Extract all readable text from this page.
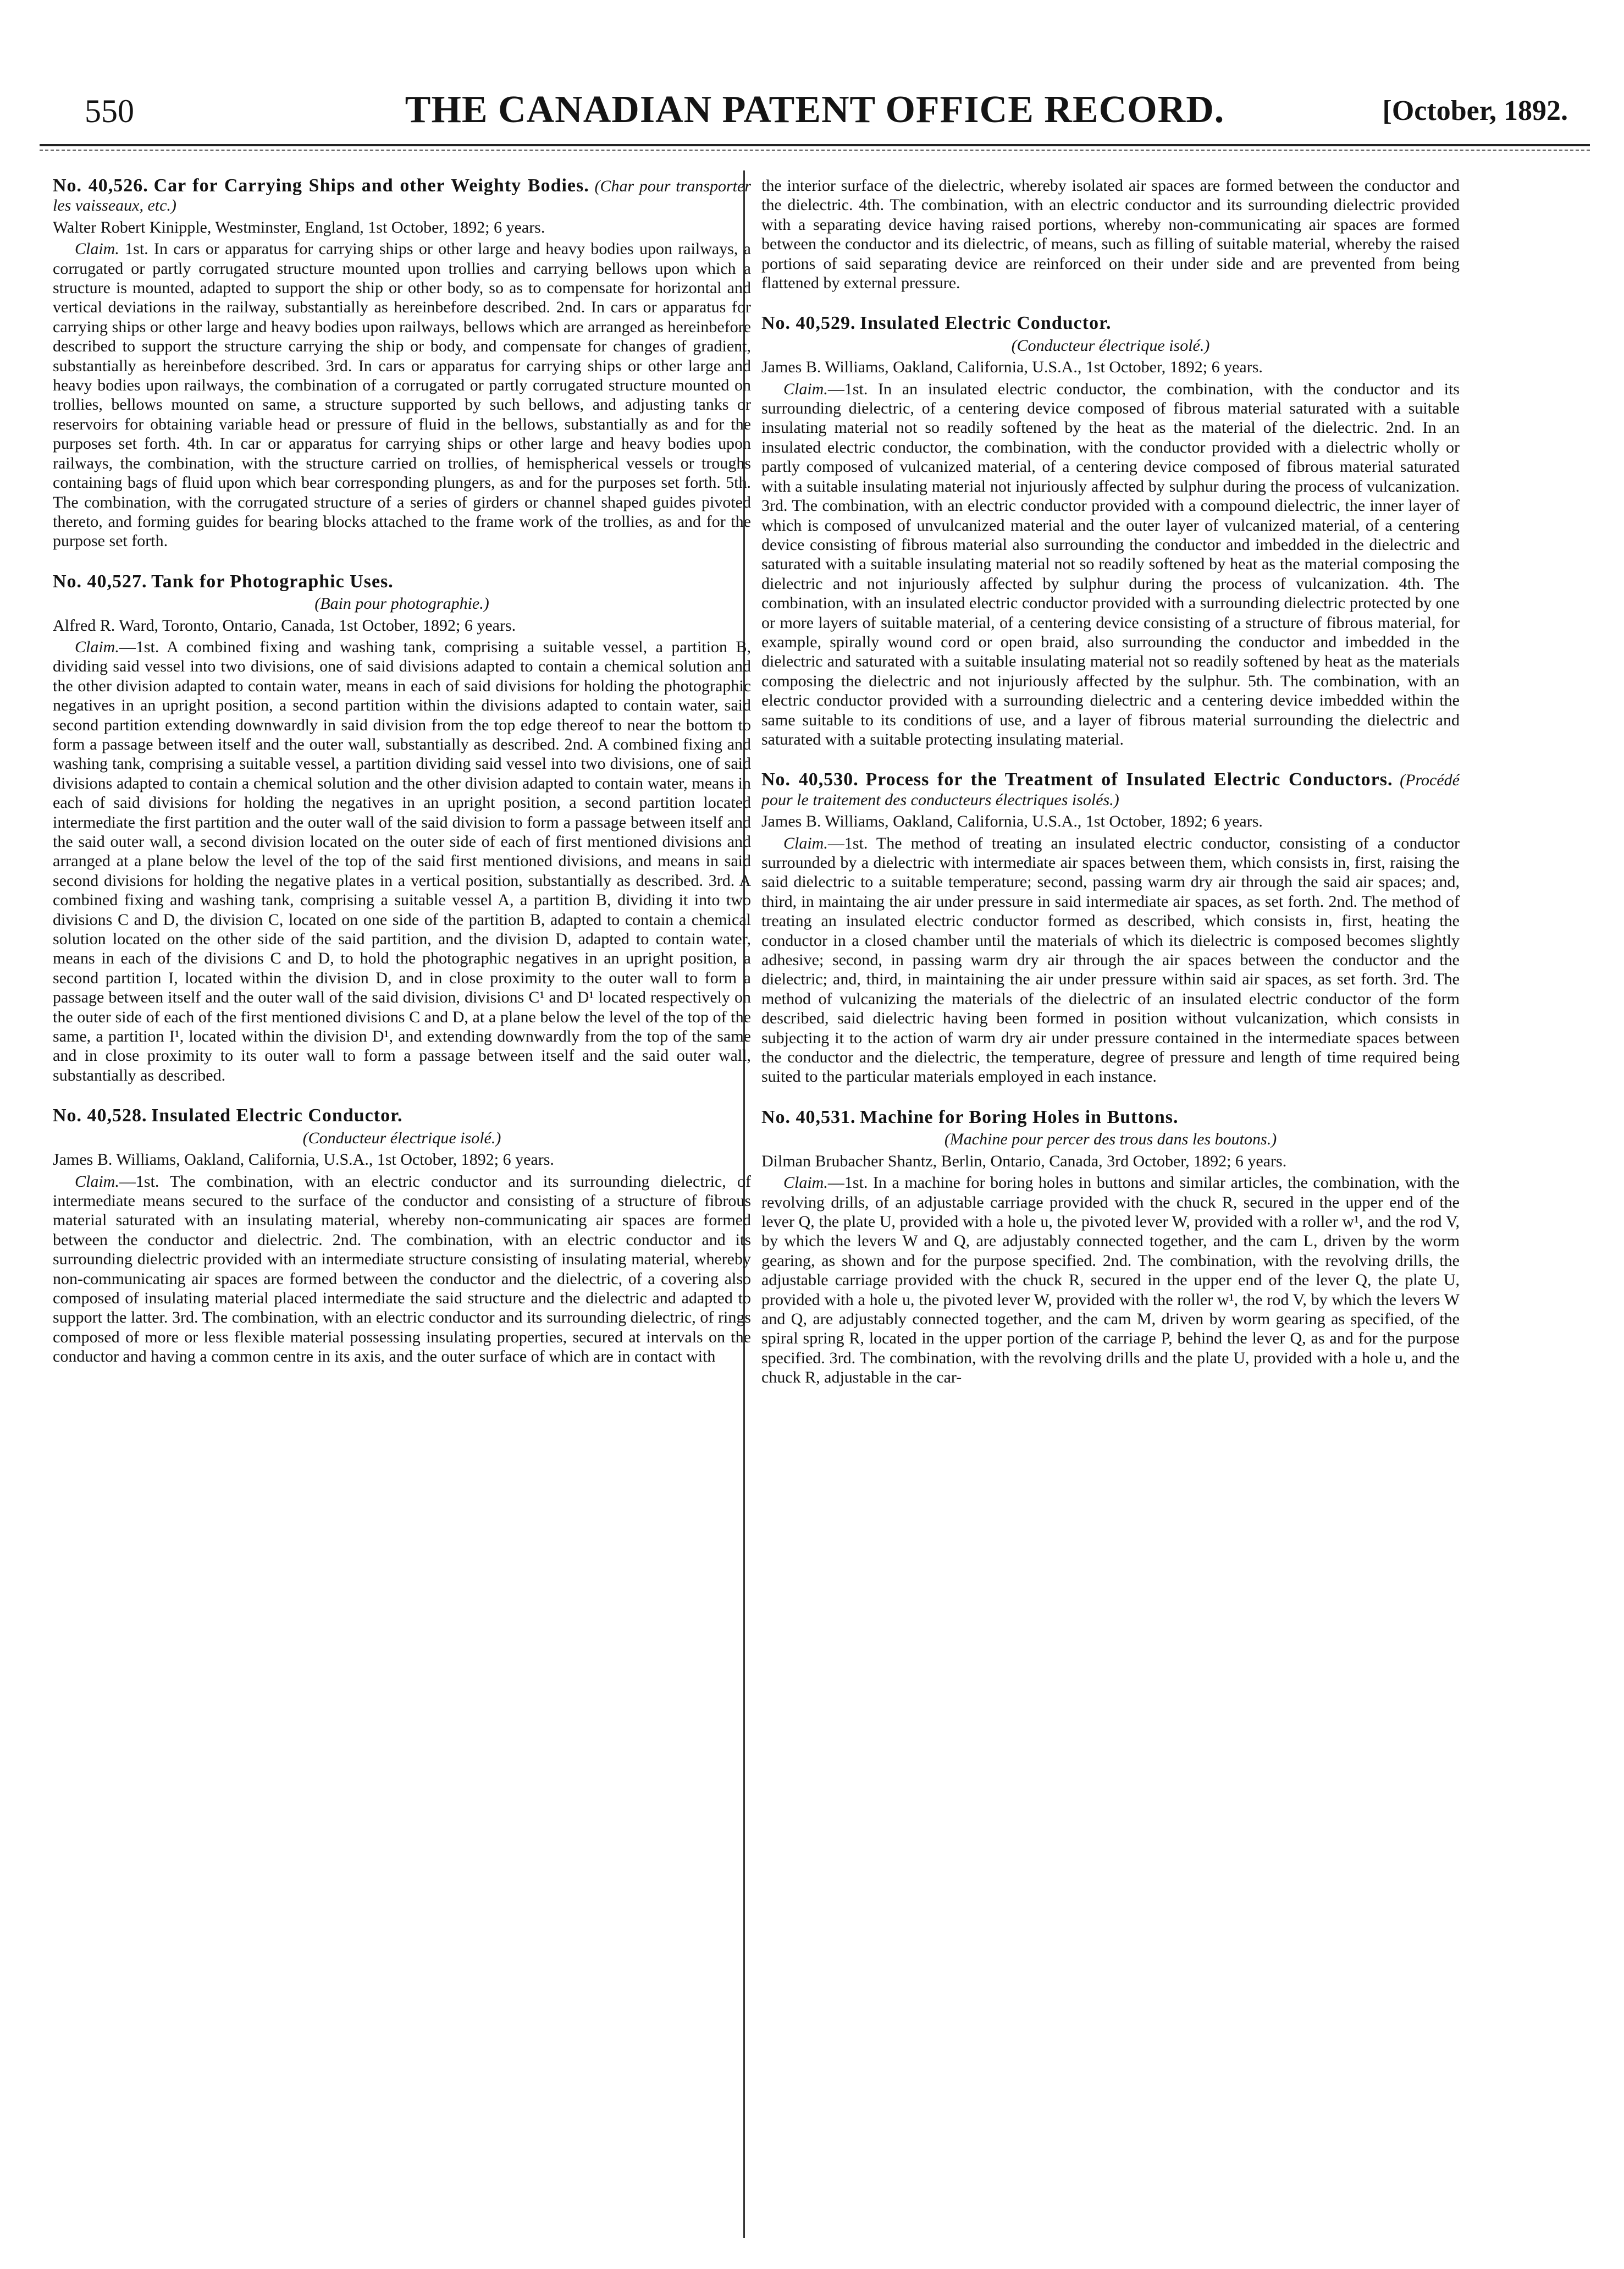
550	THE CANADIAN PATENT OFFICE RECORD.	[October, 1892.

No. 40,526. Car for Carrying Ships and other Weighty Bodies. (Char pour transporter les vaisseaux, etc.)

Walter Robert Kinipple, Westminster, England, 1st October, 1892; 6 years.

Claim. 1st. In cars or apparatus for carrying ships or other large and heavy bodies upon railways, a corrugated or partly corrugated structure mounted upon trollies and carrying bellows upon which a structure is mounted, adapted to support the ship or other body, so as to compensate for horizontal and vertical deviations in the railway, substantially as hereinbefore described. 2nd. In cars or apparatus for carrying ships or other large and heavy bodies upon railways, bellows which are arranged as hereinbefore described to support the structure carrying the ship or body, and compensate for changes of gradient, substantially as hereinbefore described. 3rd. In cars or apparatus for carrying ships or other large and heavy bodies upon railways, the combination of a corrugated or partly corrugated structure mounted on trollies, bellows mounted on same, a structure supported by such bellows, and adjusting tanks or reservoirs for obtaining variable head or pressure of fluid in the bellows, substantially as and for the purposes set forth. 4th. In car or apparatus for carrying ships or other large and heavy bodies upon railways, the combination, with the structure carried on trollies, of hemispherical vessels or troughs containing bags of fluid upon which bear corresponding plungers, as and for the purposes set forth. 5th. The combination, with the corrugated structure of a series of girders or channel shaped guides pivoted thereto, and forming guides for bearing blocks attached to the frame work of the trollies, as and for the purpose set forth.

No. 40,527. Tank for Photographic Uses.

(Bain pour photographie.)

Alfred R. Ward, Toronto, Ontario, Canada, 1st October, 1892; 6 years.

Claim.—1st. A combined fixing and washing tank, comprising a suitable vessel, a partition B, dividing said vessel into two divisions, one of said divisions adapted to contain a chemical solution and the other division adapted to contain water, means in each of said divisions for holding the photographic negatives in an upright position, a second partition within the divisions adapted to contain water, said second partition extending downwardly in said division from the top edge thereof to near the bottom to form a passage between itself and the outer wall, substantially as described. 2nd. A combined fixing and washing tank, comprising a suitable vessel, a partition dividing said vessel into two divisions, one of said divisions adapted to contain a chemical solution and the other division adapted to contain water, means in each of said divisions for holding the negatives in an upright position, a second partition located intermediate the first partition and the outer wall of the said division to form a passage between itself and the said outer wall, a second division located on the outer side of each of first mentioned divisions and arranged at a plane below the level of the top of the said first mentioned divisions, and means in said second divisions for holding the negative plates in a vertical position, substantially as described. 3rd. A combined fixing and washing tank, comprising a suitable vessel A, a partition B, dividing it into two divisions C and D, the division C, located on one side of the partition B, adapted to contain a chemical solution located on the other side of the said partition, and the division D, adapted to contain water, means in each of the divisions C and D, to hold the photographic negatives in an upright position, a second partition I, located within the division D, and in close proximity to the outer wall to form a passage between itself and the outer wall of the said division, divisions C¹ and D¹ located respectively on the outer side of each of the first mentioned divisions C and D, at a plane below the level of the top of the same, a partition I¹, located within the division D¹, and extending downwardly from the top of the same and in close proximity to its outer wall to form a passage between itself and the said outer wall, substantially as described.

No. 40,528. Insulated Electric Conductor.

(Conducteur électrique isolé.)

James B. Williams, Oakland, California, U.S.A., 1st October, 1892; 6 years.

Claim.—1st. The combination, with an electric conductor and its surrounding dielectric, of intermediate means secured to the surface of the conductor and consisting of a structure of fibrous material saturated with an insulating material, whereby non-communicating air spaces are formed between the conductor and dielectric. 2nd. The combination, with an electric conductor and its surrounding dielectric provided with an intermediate structure consisting of insulating material, whereby non-communicating air spaces are formed between the conductor and the dielectric, of a covering also composed of insulating material placed intermediate the said structure and the dielectric and adapted to support the latter. 3rd. The combination, with an electric conductor and its surrounding dielectric, of rings composed of more or less flexible material possessing insulating properties, secured at intervals on the conductor and having a common centre in its axis, and the outer surface of which are in contact with

the interior surface of the dielectric, whereby isolated air spaces are formed between the conductor and the dielectric. 4th. The combination, with an electric conductor and its surrounding dielectric provided with a separating device having raised portions, whereby non-communicating air spaces are formed between the conductor and its dielectric, of means, such as filling of suitable material, whereby the raised portions of said separating device are reinforced on their under side and are prevented from being flattened by external pressure.

No. 40,529. Insulated Electric Conductor.

(Conducteur électrique isolé.)

James B. Williams, Oakland, California, U.S.A., 1st October, 1892; 6 years.

Claim.—1st. In an insulated electric conductor, the combination, with the conductor and its surrounding dielectric, of a centering device composed of fibrous material saturated with a suitable insulating material not so readily softened by the heat as the material of the dielectric. 2nd. In an insulated electric conductor, the combination, with the conductor provided with a dielectric wholly or partly composed of vulcanized material, of a centering device composed of fibrous material saturated with a suitable insulating material not injuriously affected by sulphur during the process of vulcanization. 3rd. The combination, with an electric conductor provided with a compound dielectric, the inner layer of which is composed of unvulcanized material and the outer layer of vulcanized material, of a centering device consisting of fibrous material also surrounding the conductor and imbedded in the dielectric and saturated with a suitable insulating material not so readily softened by heat as the material composing the dielectric and not injuriously affected by sulphur during the process of vulcanization. 4th. The combination, with an insulated electric conductor provided with a surrounding dielectric protected by one or more layers of suitable material, of a centering device consisting of a structure of fibrous material, for example, spirally wound cord or open braid, also surrounding the conductor and imbedded in the dielectric and saturated with a suitable insulating material not so readily softened by heat as the materials composing the dielectric and not injuriously affected by the sulphur. 5th. The combination, with an electric conductor provided with a surrounding dielectric and a centering device imbedded within the same suitable to its conditions of use, and a layer of fibrous material surrounding the dielectric and saturated with a suitable protecting insulating material.

No. 40,530. Process for the Treatment of Insulated Electric Conductors. (Procédé pour le traitement des conducteurs électriques isolés.)

James B. Williams, Oakland, California, U.S.A., 1st October, 1892; 6 years.

Claim.—1st. The method of treating an insulated electric conductor, consisting of a conductor surrounded by a dielectric with intermediate air spaces between them, which consists in, first, raising the said dielectric to a suitable temperature; second, passing warm dry air through the said air spaces; and, third, in maintaing the air under pressure in said intermediate air spaces, as set forth. 2nd. The method of treating an insulated electric conductor formed as described, which consists in, first, heating the conductor in a closed chamber until the materials of which its dielectric is composed becomes slightly adhesive; second, in passing warm dry air through the air spaces between the conductor and the dielectric; and, third, in maintaining the air under pressure within said air spaces, as set forth. 3rd. The method of vulcanizing the materials of the dielectric of an insulated electric conductor of the form described, said dielectric having been formed in position without vulcanization, which consists in subjecting it to the action of warm dry air under pressure contained in the intermediate spaces between the conductor and the dielectric, the temperature, degree of pressure and length of time required being suited to the particular materials employed in each instance.

No. 40,531. Machine for Boring Holes in Buttons.

(Machine pour percer des trous dans les boutons.)

Dilman Brubacher Shantz, Berlin, Ontario, Canada, 3rd October, 1892; 6 years.

Claim.—1st. In a machine for boring holes in buttons and similar articles, the combination, with the revolving drills, of an adjustable carriage provided with the chuck R, secured in the upper end of the lever Q, the plate U, provided with a hole u, the pivoted lever W, provided with a roller w¹, and the rod V, by which the levers W and Q, are adjustably connected together, and the cam L, driven by the worm gearing, as shown and for the purpose specified. 2nd. The combination, with the revolving drills, the adjustable carriage provided with the chuck R, secured in the upper end of the lever Q, the plate U, provided with a hole u, the pivoted lever W, provided with the roller w¹, the rod V, by which the levers W and Q, are adjustably connected together, and the cam M, driven by worm gearing as specified, of the spiral spring R, located in the upper portion of the carriage P, behind the lever Q, as and for the purpose specified. 3rd. The combination, with the revolving drills and the plate U, provided with a hole u, and the chuck R, adjustable in the car-
